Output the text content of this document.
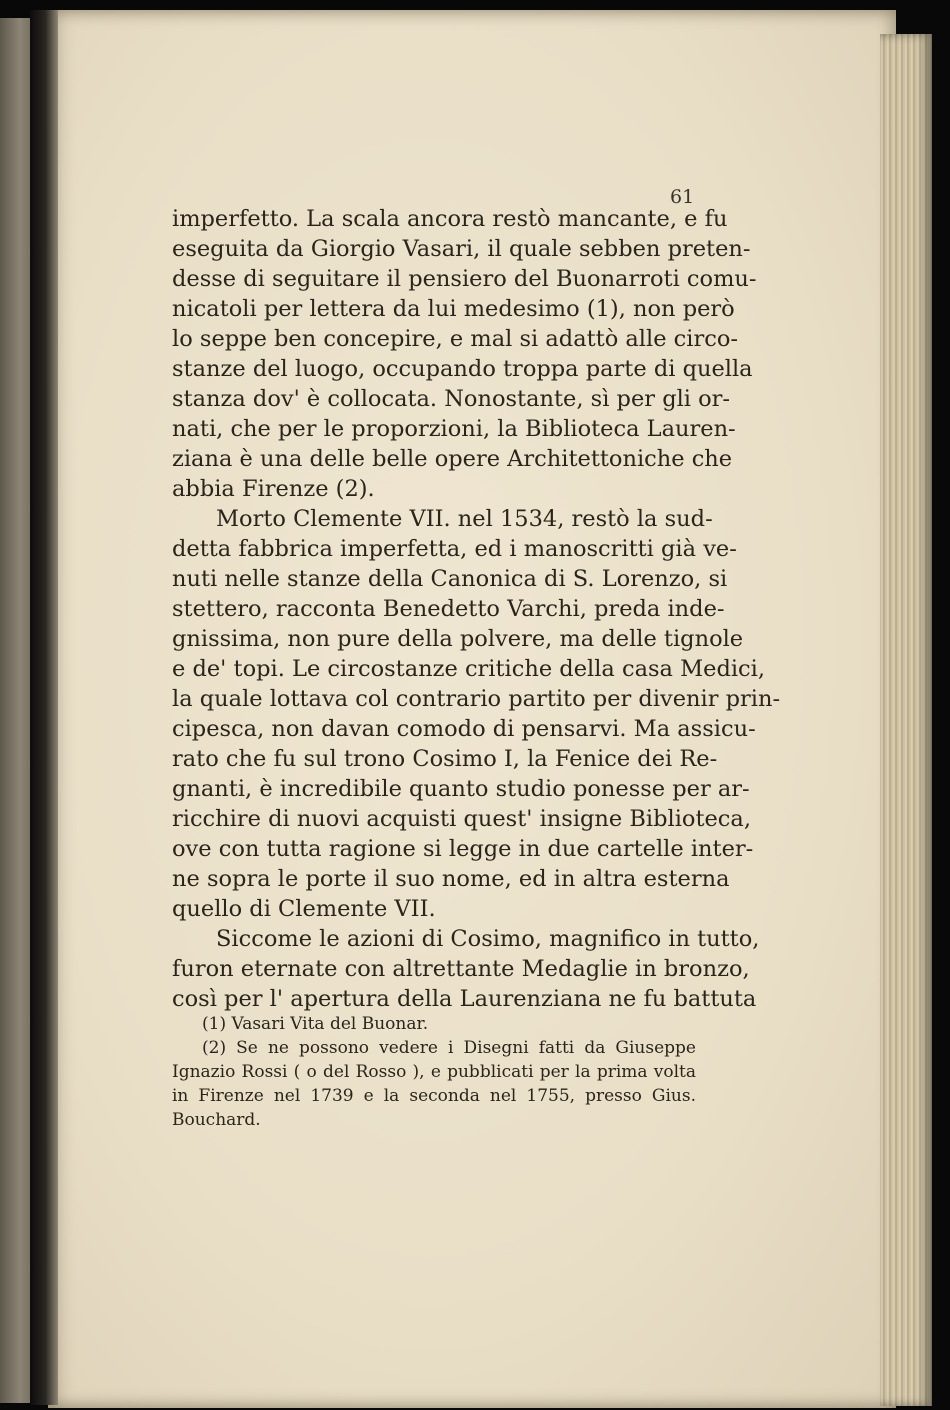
61
imperfetto. La scala ancora restò mancante, e fu
eseguita da Giorgio Vasari, il quale sebben preten-
desse di seguitare il pensiero del Buonarroti comu-
nicatoli per lettera da lui medesimo (1), non però
lo seppe ben concepire, e mal si adattò alle circo-
stanze del luogo, occupando troppa parte di quella
stanza dov' è collocata. Nonostante, sì per gli or-
nati, che per le proporzioni, la Biblioteca Lauren-
ziana è una delle belle opere Architettoniche che
abbia Firenze (2).
Morto Clemente VII. nel 1534, restò la sud-
detta fabbrica imperfetta, ed i manoscritti già ve-
nuti nelle stanze della Canonica di S. Lorenzo, si
stettero, racconta Benedetto Varchi, preda inde-
gnissima, non pure della polvere, ma delle tignole
e de' topi. Le circostanze critiche della casa Medici,
la quale lottava col contrario partito per divenir prin-
cipesca, non davan comodo di pensarvi. Ma assicu-
rato che fu sul trono Cosimo I, la Fenice dei Re-
gnanti, è incredibile quanto studio ponesse per ar-
ricchire di nuovi acquisti quest' insigne Biblioteca,
ove con tutta ragione si legge in due cartelle inter-
ne sopra le porte il suo nome, ed in altra esterna
quello di Clemente VII.
Siccome le azioni di Cosimo, magnifico in tutto,
furon eternate con altrettante Medaglie in bronzo,
così per l' apertura della Laurenziana ne fu battuta
(1) Vasari Vita del Buonar.
(2) Se ne possono vedere i Disegni fatti da Giuseppe
Ignazio Rossi ( o del Rosso ), e pubblicati per la prima volta
in Firenze nel 1739 e la seconda nel 1755, presso Gius.
Bouchard.
